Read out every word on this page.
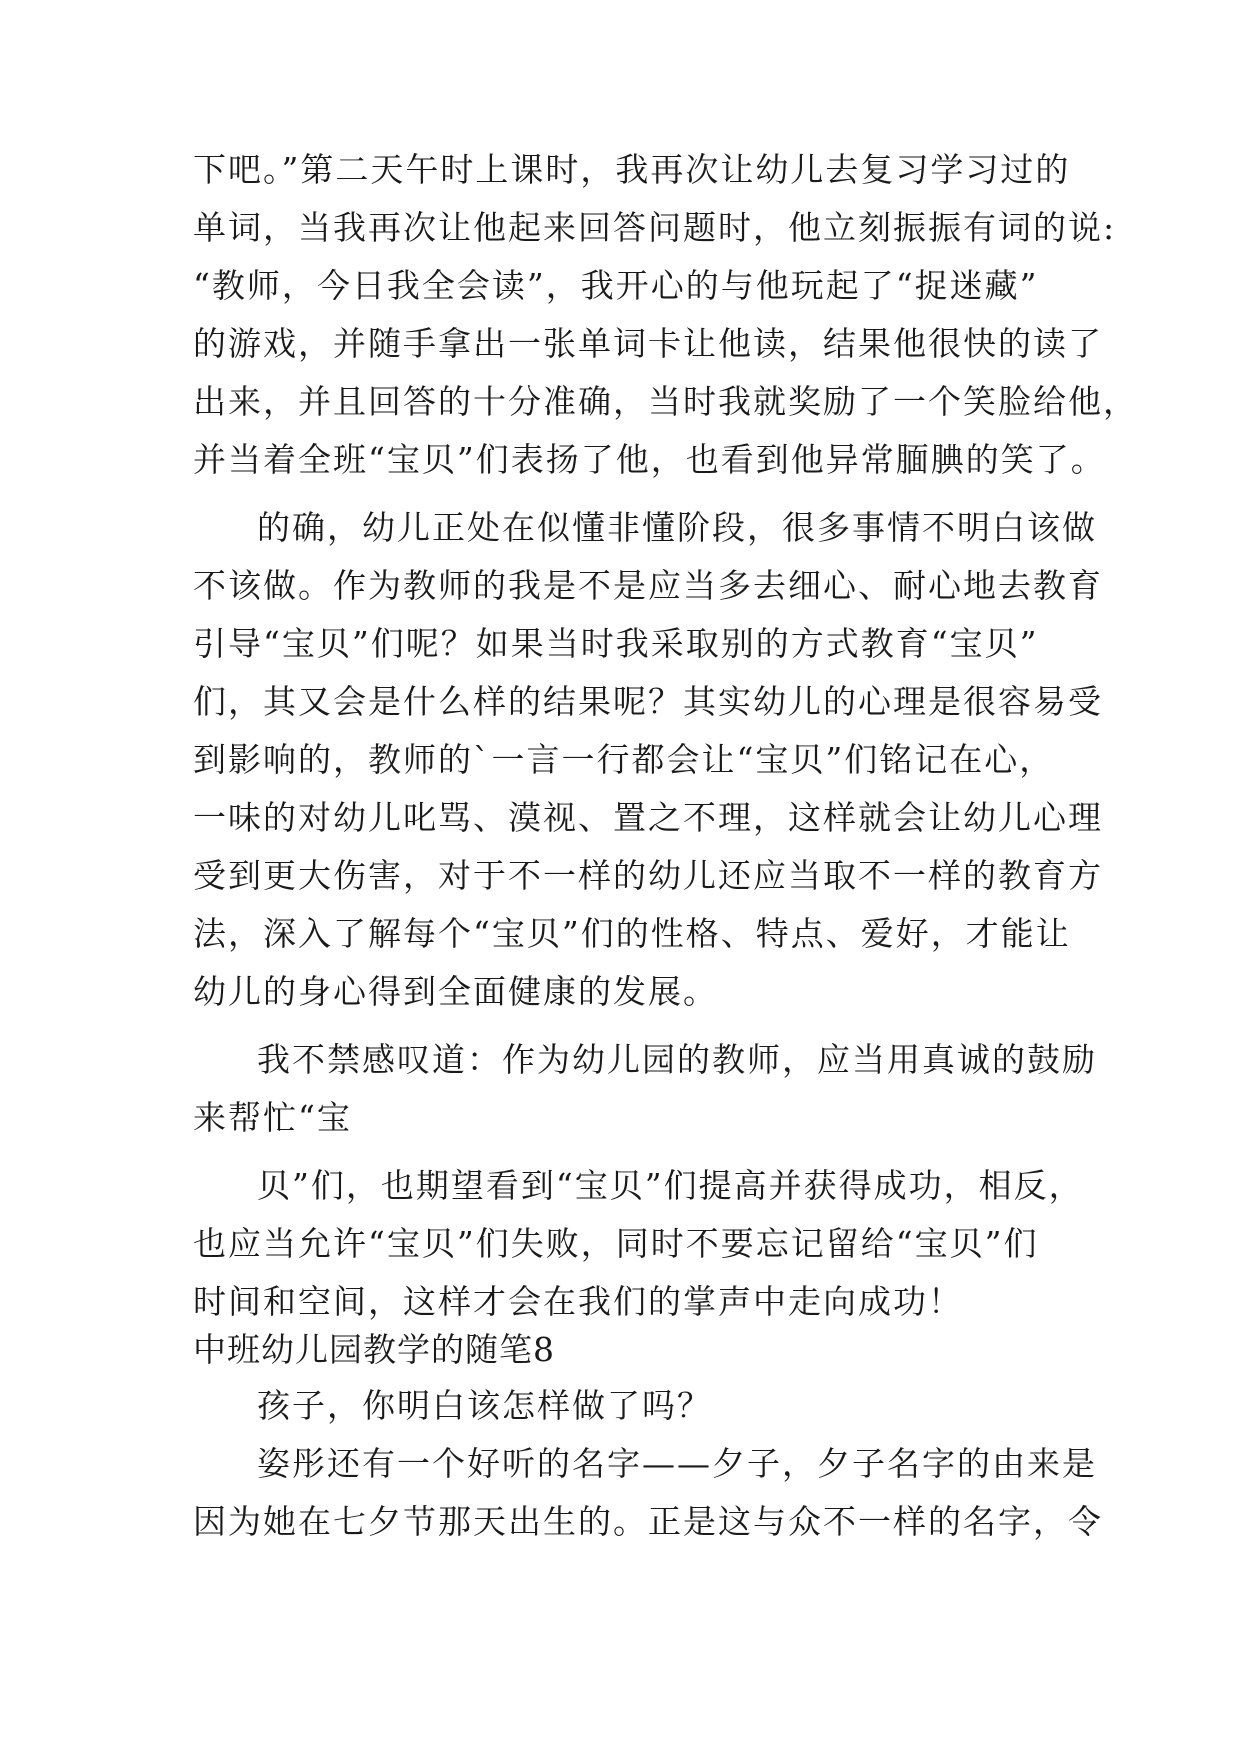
下吧。”第二天午时上课时，我再次让幼儿去复习学习过的
单词，当我再次让他起来回答问题时，他立刻振振有词的说:
“教师，今日我全会读”，我开心的与他玩起了“捉迷藏”
的游戏，并随手拿出一张单词卡让他读，结果他很快的读了
出来，并且回答的十分准确，当时我就奖励了一个笑脸给他，
并当着全班“宝贝”们表扬了他，也看到他异常腼腆的笑了。
的确，幼儿正处在似懂非懂阶段，很多事情不明白该做
不该做。作为教师的我是不是应当多去细心、耐心地去教育
引导“宝贝”们呢？如果当时我采取别的方式教育“宝贝”
们，其又会是什么样的结果呢？其实幼儿的心理是很容易受
到影响的，教师的`一言一行都会让“宝贝”们铭记在心，
一味的对幼儿叱骂、漠视、置之不理，这样就会让幼儿心理
受到更大伤害，对于不一样的幼儿还应当取不一样的教育方
法，深入了解每个“宝贝”们的性格、特点、爱好，才能让
幼儿的身心得到全面健康的发展。
我不禁感叹道：作为幼儿园的教师，应当用真诚的鼓励
来帮忙“宝
贝”们，也期望看到“宝贝”们提高并获得成功，相反，
也应当允许“宝贝”们失败，同时不要忘记留给“宝贝”们
时间和空间，这样才会在我们的掌声中走向成功！
中班幼儿园教学的随笔8
孩子，你明白该怎样做了吗？
姿彤还有一个好听的名字——夕子，夕子名字的由来是
因为她在七夕节那天出生的。正是这与众不一样的名字，令
